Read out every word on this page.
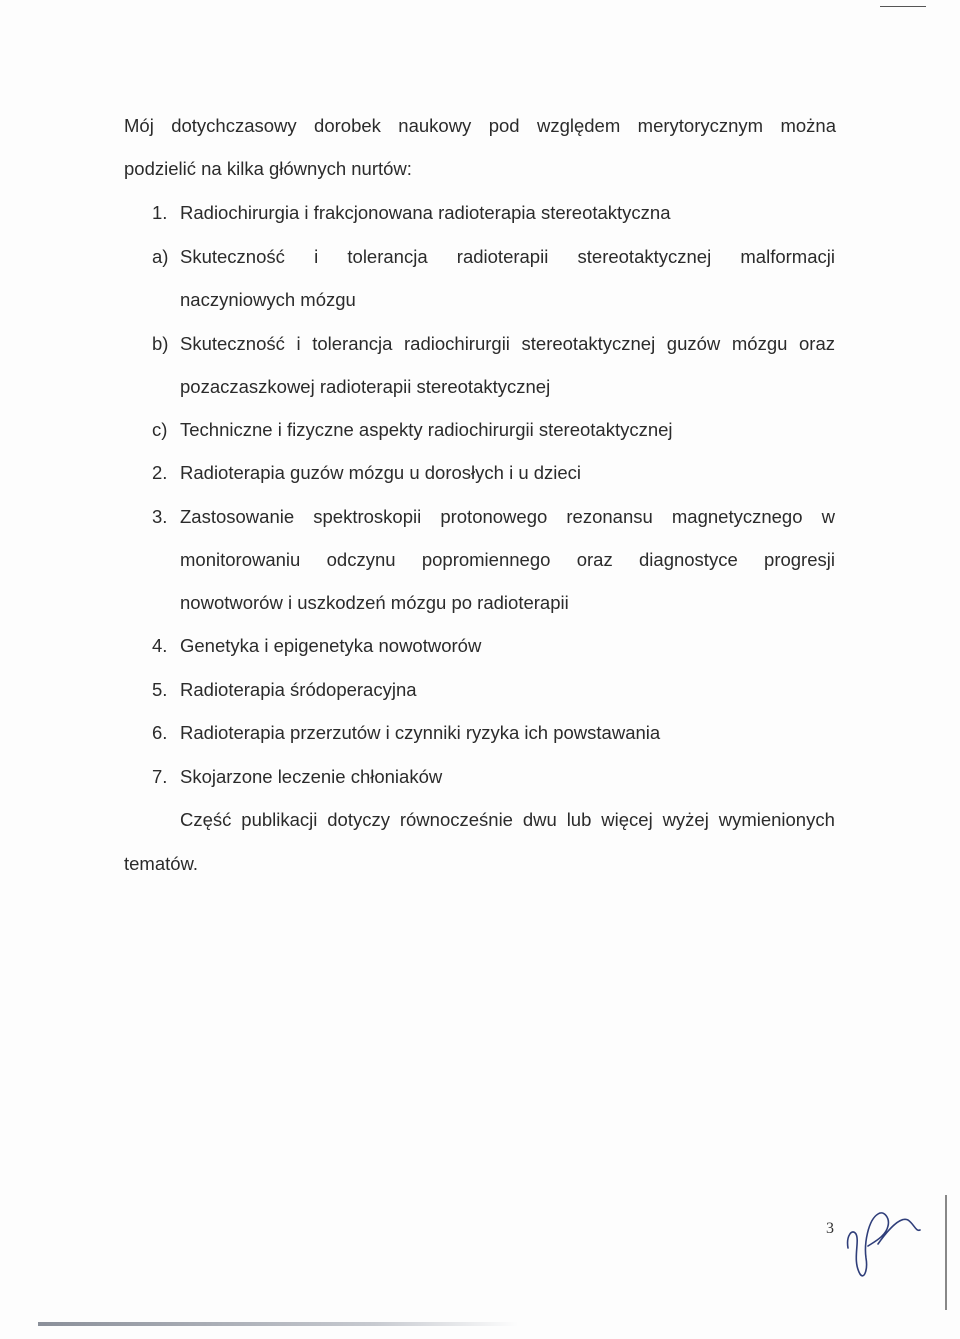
Mój dotychczasowy dorobek naukowy pod względem merytorycznym można
podzielić na kilka głównych nurtów:
1. Radiochirurgia i frakcjonowana radioterapia stereotaktyczna
a) Skuteczność i tolerancja radioterapii stereotaktycznej malformacji
naczyniowych mózgu
b) Skuteczność i tolerancja radiochirurgii stereotaktycznej guzów mózgu oraz
pozaczaszkowej radioterapii stereotaktycznej
c) Techniczne i fizyczne aspekty radiochirurgii stereotaktycznej
2. Radioterapia guzów mózgu u dorosłych i u dzieci
3. Zastosowanie spektroskopii protonowego rezonansu magnetycznego w
monitorowaniu odczynu popromiennego oraz diagnostyce progresji
nowotworów i uszkodzeń mózgu po radioterapii
4. Genetyka i epigenetyka nowotworów
5. Radioterapia śródoperacyjna
6. Radioterapia przerzutów i czynniki ryzyka ich powstawania
7. Skojarzone leczenie chłoniaków
Część publikacji dotyczy równocześnie dwu lub więcej wyżej wymienionych
tematów.
3
